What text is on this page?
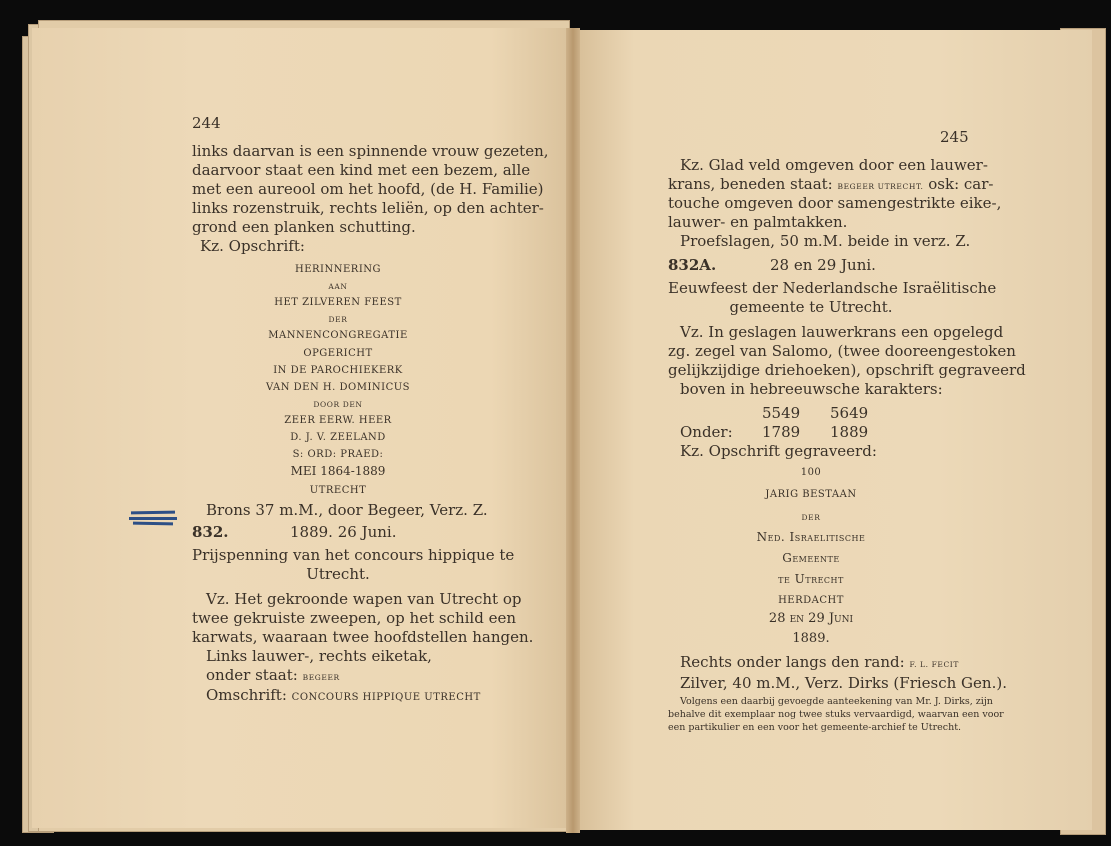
244
links daarvan is een spinnende vrouw gezeten,
daarvoor staat een kind met een bezem, alle
met een aureool om het hoofd, (de H. Familie)
links rozenstruik, rechts leliën, op den achter-
grond een planken schutting.
Kz. Opschrift:
HERINNERING
AAN
HET ZILVEREN FEEST
DER
MANNENCONGREGATIE
OPGERICHT
IN DE PAROCHIEKERK
VAN DEN H. DOMINICUS
DOOR DEN
ZEER EERW. HEER
D. J. V. ZEELAND
S: ORD: PRAED:
MEI 1864-1889
UTRECHT
Brons 37 m.M., door Begeer, Verz. Z.
832.	1889. 26 Juni.
Prijspenning van het concours hippique te
Utrecht.
Vz. Het gekroonde wapen van Utrecht op
twee gekruiste zweepen, op het schild een
karwats, waaraan twee hoofdstellen hangen.
Links lauwer-, rechts eiketak,
onder staat: BEGEER
Omschrift: CONCOURS HIPPIQUE UTRECHT
245
Kz. Glad veld omgeven door een lauwer-
krans, beneden staat: BEGEER UTRECHT. osk: car-
touche omgeven door samengestrikte eike-,
lauwer- en palmtakken.
Proefslagen, 50 m.M. beide in verz. Z.
832A.	28 en 29 Juni.
Eeuwfeest der Nederlandsche Israëlitische
gemeente te Utrecht.
Vz. In geslagen lauwerkrans een opgelegd
zg. zegel van Salomo, (twee dooreengestoken
gelijkzijdige driehoeken), opschrift gegraveerd
boven in hebreeuwsche karakters:
5549 5649
Onder: 1789 1889
Kz. Opschrift gegraveerd:
100
JARIG BESTAAN
DER
Ned. Israelitische
Gemeente
te Utrecht
HERDACHT
28 en 29 Juni
1889.
Rechts onder langs den rand: F. L. FECIT
Zilver, 40 m.M., Verz. Dirks (Friesch Gen.).
Volgens een daarbij gevoegde aanteekening van Mr. J. Dirks, zijn
behalve dit exemplaar nog twee stuks vervaardigd, waarvan een voor
een partikulier en een voor het gemeente-archief te Utrecht.
